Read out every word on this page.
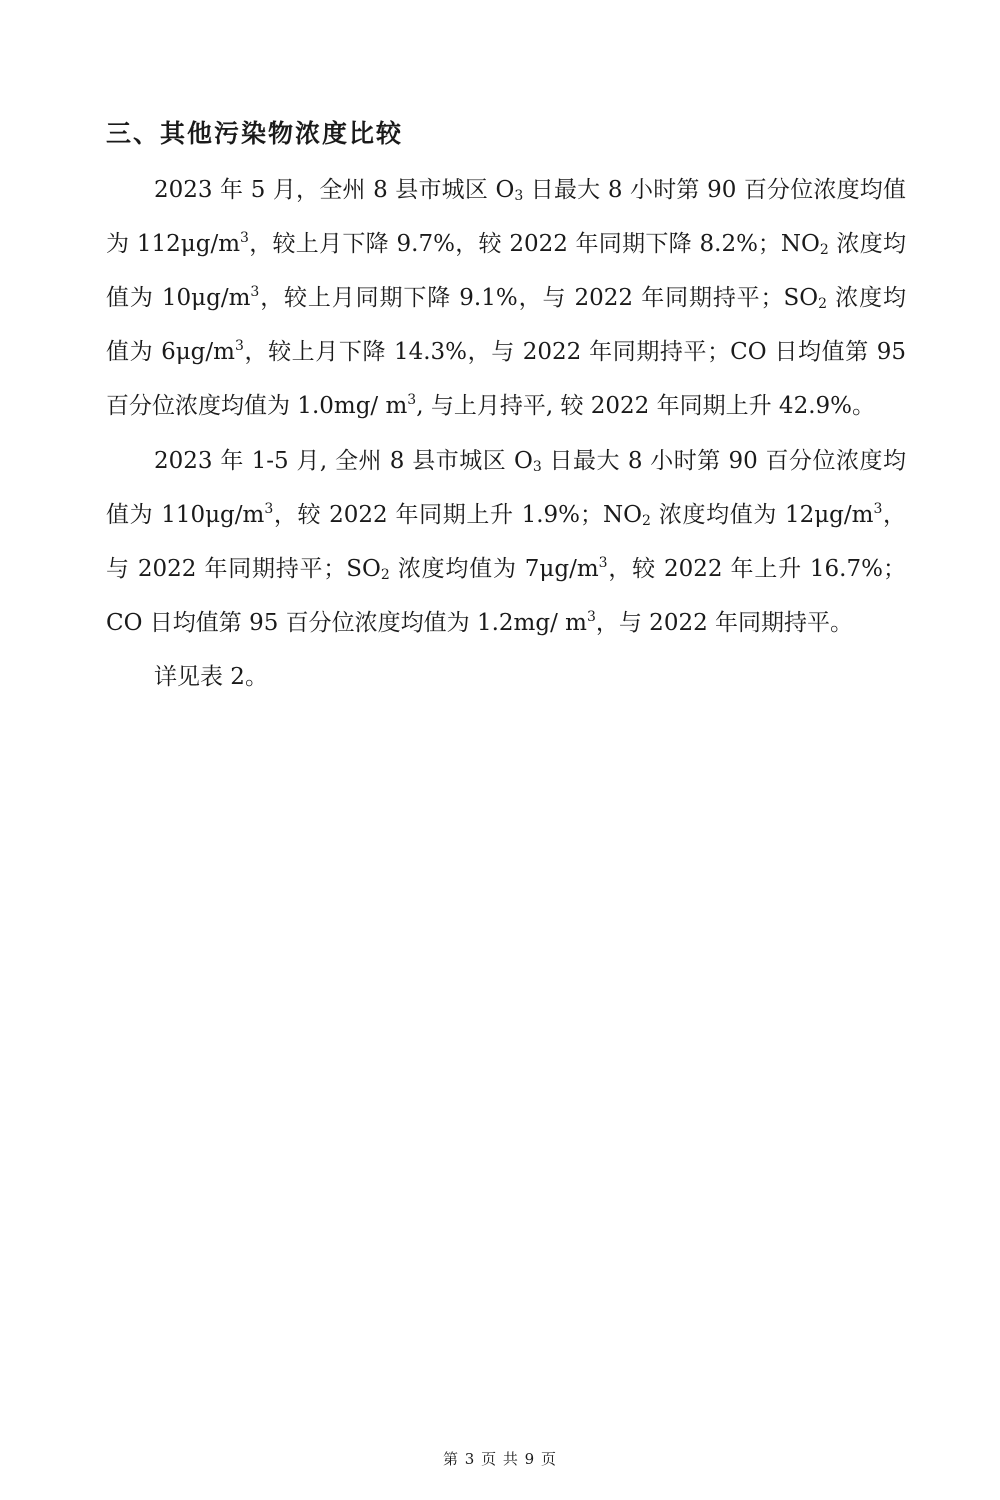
三、其他污染物浓度比较

2023 年 5 月，全州 8 县市城区 $O_3$ 日最大 8 小时第 90 百分位浓度均值为 $112\mu g/m^3$，较上月下降 9.7%，较 2022 年同期下降 8.2%；$NO_2$ 浓度均值为 $10\mu g/m^3$，较上月同期下降 9.1%，与 2022 年同期持平；$SO_2$ 浓度均值为 $6\mu g/m^3$，较上月下降 14.3%，与 2022 年同期持平；CO 日均值第 95 百分位浓度均值为 1.0mg/ $m^3$, 与上月持平, 较 2022 年同期上升 42.9%。

2023 年 1-5 月, 全州 8 县市城区 $O_3$ 日最大 8 小时第 90 百分位浓度均值为 $110\mu g/m^3$，较 2022 年同期上升 1.9%；$NO_2$ 浓度均值为 $12\mu g/m^3$，与 2022 年同期持平；$SO_2$ 浓度均值为 $7\mu g/m^3$，较 2022 年上升 16.7%；CO 日均值第 95 百分位浓度均值为 1.2mg/ $m^3$，与 2022 年同期持平。

详见表 2。

第 3 页 共 9 页
